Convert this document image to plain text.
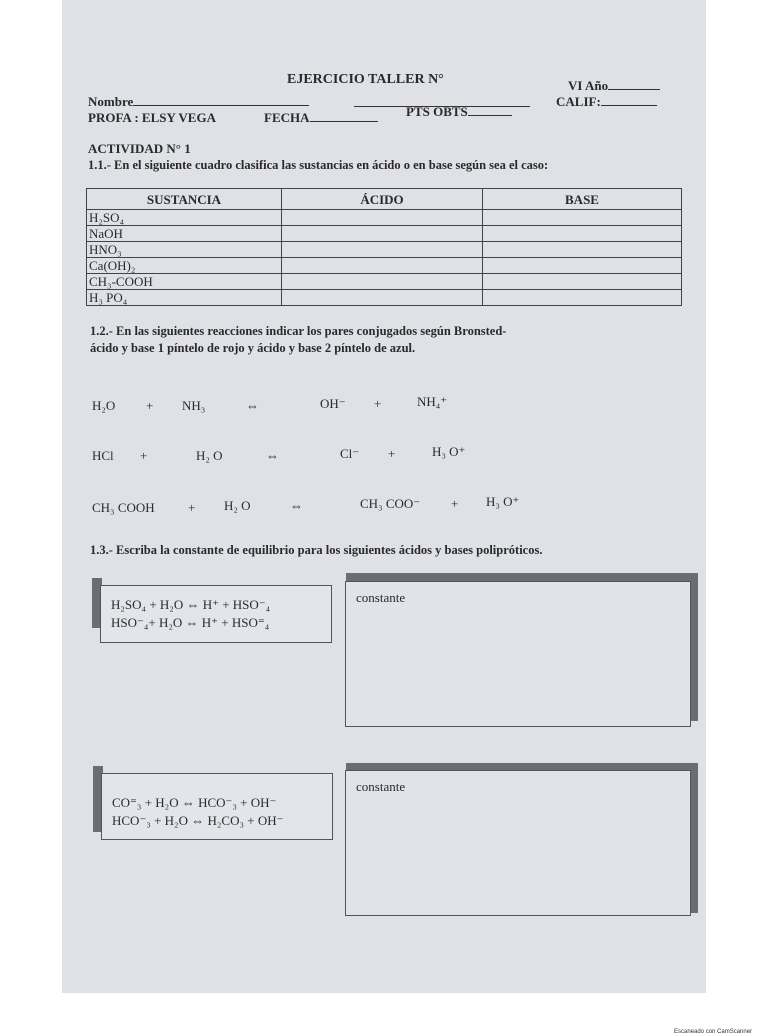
EJERCICIO TALLER N°	VI Año
Nombre	CALIF:
PROFA : ELSY VEGA	FECHA	PTS OBTS
ACTIVIDAD N° 1
1.1.- En el siguiente cuadro clasifica las sustancias en ácido o en base según sea el caso:
SUSTANCIA	ÁCIDO	BASE
H₂SO₄		
NaOH		
HNO₃		
Ca(OH)₂		
CH₃-COOH		
H₃ PO₄		
1.2.- En las siguientes reacciones indicar los pares conjugados según Bronsted-
ácido y base 1 píntelo de rojo y ácido y base 2 píntelo de azul.
H₂O + NH₃	⇔	OH⁻ +	NH₄⁺
HCl +	H₂ O	⇔	Cl⁻ +	H₃ O⁺
CH₃ COOH	+ H₂ O	⇔	CH₃ COO⁻ + H₃ O⁺
1.3.- Escriba la constante de equilibrio para los siguientes ácidos y bases polipróticos.
H₂SO₄ + H₂O ⇔ H⁺ + HSO⁻₄
HSO⁻₄+ H₂O ⇔ H⁺ + HSO⁼₄
constante
CO⁼₃ + H₂O ⇔ HCO⁻₃ + OH⁻
HCO⁻₃ + H₂O ⇔ H₂CO₃ + OH⁻
constante
Escaneado con CamScanner
